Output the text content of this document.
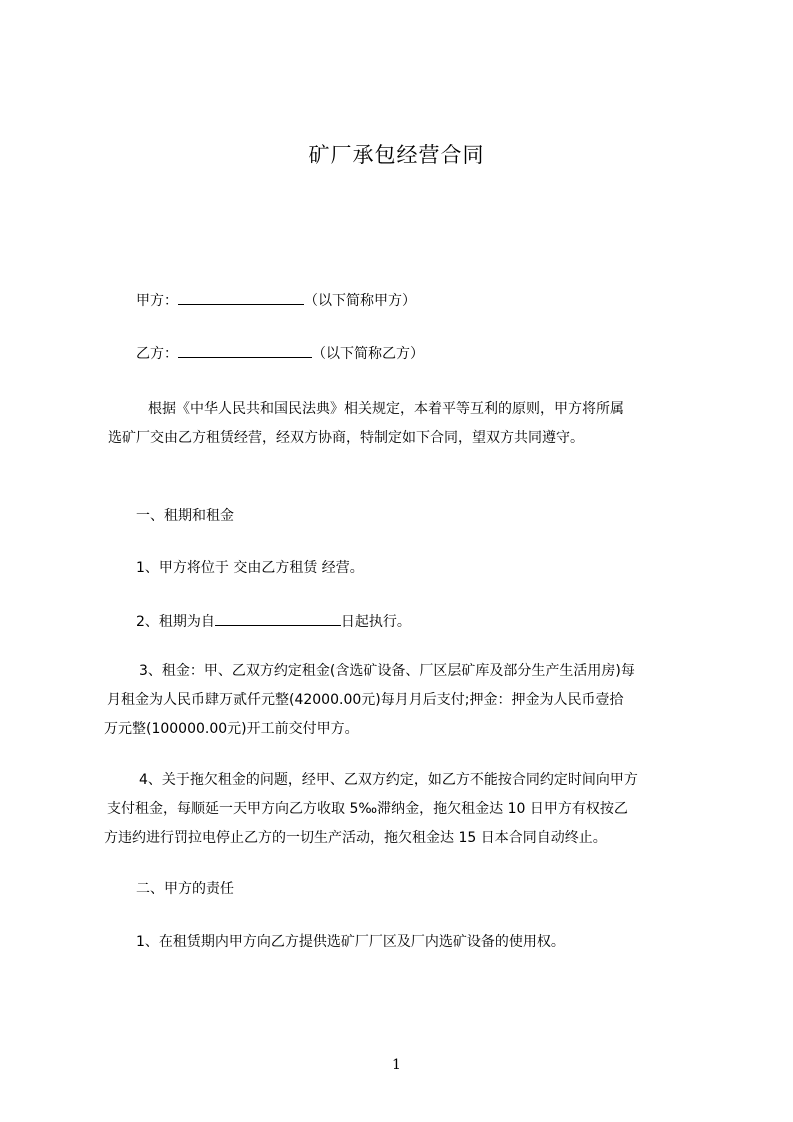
矿厂承包经营合同
甲方：	（以下简称甲方）
乙方：	（以下简称乙方）
根据《中华人民共和国民法典》相关规定，本着平等互利的原则，甲方将所属
选矿厂交由乙方租赁经营，经双方协商，特制定如下合同，望双方共同遵守。
一、租期和租金
1、甲方将位于 交由乙方租赁 经营。
2、租期为自	日起执行。
3、租金：甲、乙双方约定租金(含选矿设备、厂区层矿库及部分生产生活用房)每
月租金为人民币肆万贰仟元整(42000.00元)每月月后支付;押金：押金为人民币壹拾
万元整(100000.00元)开工前交付甲方。
4、关于拖欠租金的问题，经甲、乙双方约定，如乙方不能按合同约定时间向甲方
支付租金，每顺延一天甲方向乙方收取 5‰滞纳金，拖欠租金达 10 日甲方有权按乙
方违约进行罚拉电停止乙方的一切生产活动，拖欠租金达 15 日本合同自动终止。
二、甲方的责任
1、在租赁期内甲方向乙方提供选矿厂厂区及厂内选矿设备的使用权。
1
